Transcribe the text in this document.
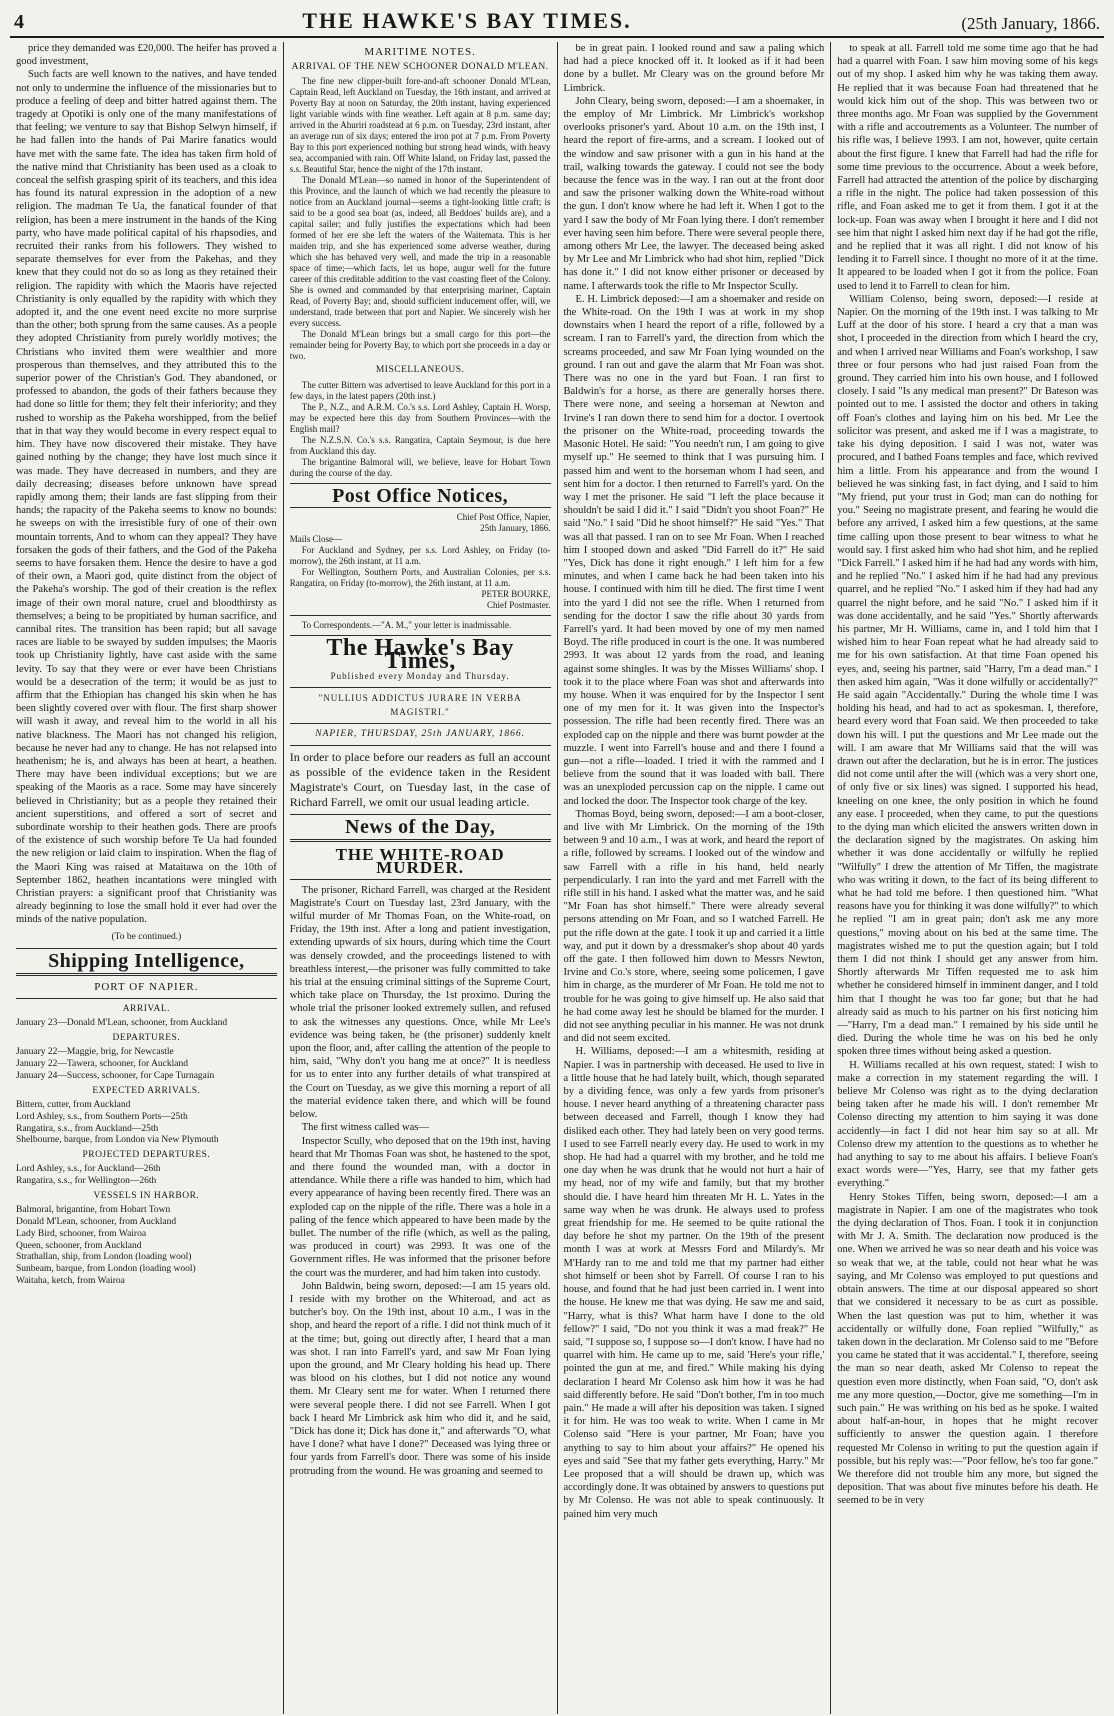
4	THE HAWKE'S BAY TIMES.	(25th January, 1866.

price they demanded was £20,000. The heifer has proved a good investment,

Such facts are well known to the natives, and have tended not only to undermine the influence of the missionaries but to produce a feeling of deep and bitter hatred against them. The tragedy at Opotiki is only one of the many manifestations of that feeling; we venture to say that Bishop Selwyn himself, if he had fallen into the hands of Pai Marire fanatics would have met with the same fate. The idea has taken firm hold of the native mind that Christianity has been used as a cloak to conceal the selfish grasping spirit of its teachers, and this idea has found its natural expression in the adoption of a new religion. The madman Te Ua, the fanatical founder of that religion, has been a mere instrument in the hands of the King party, who have made political capital of his rhapsodies, and recruited their ranks from his followers. They wished to separate themselves for ever from the Pakehas, and they knew that they could not do so as long as they retained their religion. The rapidity with which the Maoris have rejected Christianity is only equalled by the rapidity with which they adopted it, and the one event need excite no more surprise than the other; both sprung from the same causes. As a people they adopted Christianity from purely worldly motives; the Christians who invited them were wealthier and more prosperous than themselves, and they attributed this to the superior power of the Christian's God. They abandoned, or professed to abandon, the gods of their fathers because they had done so little for them; they felt their inferiority; and they rushed to worship as the Pakeha worshipped, from the belief that in that way they would become in every respect equal to him. They have now discovered their mistake. They have gained nothing by the change; they have lost much since it was made. They have decreased in numbers, and they are daily decreasing; diseases before unknown have spread rapidly among them; their lands are fast slipping from their hands; the rapacity of the Pakeha seems to know no bounds: he sweeps on with the irresistible fury of one of their own mountain torrents, And to whom can they appeal? They have forsaken the gods of their fathers, and the God of the Pakeha seems to have forsaken them. Hence the desire to have a god of their own, a Maori god, quite distinct from the object of the Pakeha's worship. The god of their creation is the reflex image of their own moral nature, cruel and bloodthirsty as themselves; a being to be propitiated by human sacrifice, and cannibal rites. The transition has been rapid; but all savage races are liable to be swayed by sudden impulses; the Maoris took up Christianity lightly, have cast aside with the same levity. To say that they were or ever have been Christians would be a desecration of the term; it would be as just to affirm that the Ethiopian has changed his skin when he has been slightly covered over with flour. The first sharp shower will wash it away, and reveal him to the world in all his native blackness. The Maori has not changed his religion, because he never had any to change. He has not relapsed into heathenism; he is, and always has been at heart, a heathen. There may have been individual exceptions; but we are speaking of the Maoris as a race. Some may have sincerely believed in Christianity; but as a people they retained their ancient superstitions, and offered a sort of secret and subordinate worship to their heathen gods. There are proofs of the existence of such worship before Te Ua had founded the new religion or laid claim to inspiration. When the flag of the Maori King was raised at Mataitawa on the 10th of September 1862, heathen incantations were mingled with Christian prayers: a significant proof that Christianity was already beginning to lose the small hold it ever had over the minds of the native population.

(To be continued.)
Shipping Intelligence,
PORT OF NAPIER.
ARRIVAL.
January 23—Donald M'Lean, schooner, from Auckland
DEPARTURES.
January 22—Maggie, brig, for Newcastle
January 22—Tawera, schooner, for Auckland
January 24—Success, schooner, for Cape Turnagain
EXPECTED ARRIVALS.
Bittern, cutter, from Auckland
Lord Ashley, s.s., from Southern Ports—25th
Rangatira, s.s., from Auckland—25th
Shelbourne, barque, from London via New Plymouth
PROJECTED DEPARTURES.
Lord Ashley, s.s., for Auckland—26th
Rangatira, s.s., for Wellington—26th
VESSELS IN HARBOR.
Balmoral, brigantine, from Hobart Town
Donald M'Lean, schooner, from Auckland
Lady Bird, schooner, from Wairoa
Queen, schooner, from Auckland
Strathallan, ship, from London (loading wool)
Sunbeam, barque, from London (loading wool)
Waitaha, ketch, from Wairoa
MARITIME NOTES.
ARRIVAL OF THE NEW SCHOONER DONALD M'LEAN.

The fine new clipper-built fore-and-aft schooner Donald M'Lean, Captain Read, left Auckland on Tuesday, the 16th instant, and arrived at Poverty Bay at noon on Saturday, the 20th instant, having experienced light variable winds with fine weather. Left again at 8 p.m. same day; arrived in the Ahuriri roadstead at 6 p.m. on Tuesday, 23rd instant, after an average run of six days; entered the iron pot at 7 p.m. From Poverty Bay to this port experienced nothing but strong head winds, with heavy sea, accompanied with rain. Off White Island, on Friday last, passed the s.s. Beautiful Star, hence the night of the 17th instant.

The Donald M'Lean—so named in honor of the Superintendent of this Province, and the launch of which we had recently the pleasure to notice from an Auckland journal—seems a tight-looking little craft; is said to be a good sea boat (as, indeed, all Beddoes' builds are), and a capital sailer; and fully justifies the expectations which had been formed of her ere she left the waters of the Waitemata. This is her maiden trip, and she has experienced some adverse weather, during which she has behaved very well, and made the trip in a reasonable space of time;—which facts, let us hope, augur well for the future career of this creditable addition to the vast coasting fleet of the Colony. She is owned and commanded by that enterprising mariner, Captain Read, of Poverty Bay; and, should sufficient inducement offer, will, we understand, trade between that port and Napier. We sincerely wish her every success.

The Donald M'Lean brings but a small cargo for this port—the remainder being for Poverty Bay, to which port she proceeds in a day or two.

MISCELLANEOUS.

The cutter Bittern was advertised to leave Auckland for this port in a few days, in the latest papers (20th inst.)

The P., N.Z., and A.R.M. Co.'s s.s. Lord Ashley, Captain H. Worsp, may be expected here this day from Southern Provinces—with the English mail?

The N.Z.S.N. Co.'s s.s. Rangatira, Captain Seymour, is due here from Auckland this day.

The brigantine Balmoral will, we believe, leave for Hobart Town during the course of the day.

Post Office Notices,

Chief Post Office, Napier,

25th January, 1866.

Mails Close—

For Auckland and Sydney, per s.s. Lord Ashley, on Friday (to-morrow), the 26th instant, at 11 a.m.

For Wellington, Southern Ports, and Australian Colonies, per s.s. Rangatira, on Friday (to-morrow), the 26th instant, at 11 a.m.

PETER BOURKE,

Chief Postmaster.

To Correspondents.—"A. M.," your letter is inadmissable.

The Hawke's Bay Times,
Published every Monday and Thursday.
"NULLIUS ADDICTUS JURARE IN VERBA MAGISTRI."
NAPIER, THURSDAY, 25th JANUARY, 1866.

In order to place before our readers as full an account as possible of the evidence taken in the Resident Magistrate's Court, on Tuesday last, in the case of Richard Farrell, we omit our usual leading article.

News of the Day,
THE WHITE-ROAD MURDER.

The prisoner, Richard Farrell, was charged at the Resident Magistrate's Court on Tuesday last, 23rd January, with the wilful murder of Mr Thomas Foan, on the White-road, on Friday, the 19th inst. After a long and patient investigation, extending upwards of six hours, during which time the Court was densely crowded, and the proceedings listened to with breathless interest,—the prisoner was fully committed to take his trial at the ensuing criminal sittings of the Supreme Court, which take place on Thursday, the 1st proximo. During the whole trial the prisoner looked extremely sullen, and refused to ask the witnesses any questions. Once, while Mr Lee's evidence was being taken, he (the prisoner) suddenly knelt upon the floor, and, after calling the attention of the people to him, said, "Why don't you hang me at once?" It is needless for us to enter into any further details of what transpired at the Court on Tuesday, as we give this morning a report of all the material evidence taken there, and which will be found below.

The first witness called was—

Inspector Scully, who deposed that on the 19th inst, having heard that Mr Thomas Foan was shot, he hastened to the spot, and there found the wounded man, with a doctor in attendance. While there a rifle was handed to him, which had every appearance of having been recently fired. There was an exploded cap on the nipple of the rifle. There was a hole in a paling of the fence which appeared to have been made by the bullet. The number of the rifle (which, as well as the paling, was produced in court) was 2993. It was one of the Government rifles. He was informed that the prisoner before the court was the murderer, and had him taken into custody.

John Baldwin, being sworn, deposed:—I am 15 years old. I reside with my brother on the Whiteroad, and act as butcher's boy. On the 19th inst, about 10 a.m., I was in the shop, and heard the report of a rifle. I did not think much of it at the time; but, going out directly after, I heard that a man was shot. I ran into Farrell's yard, and saw Mr Foan lying upon the ground, and Mr Cleary holding his head up. There was blood on his clothes, but I did not notice any wound them. Mr Cleary sent me for water. When I returned there were several people there. I did not see Farrell. When I got back I heard Mr Limbrick ask him who did it, and he said, "Dick has done it; Dick has done it," and afterwards "O, what have I done? what have I done?" Deceased was lying three or four yards from Farrell's door. There was some of his inside protruding from the wound. He was groaning and seemed to

be in great pain. I looked round and saw a paling which had had a piece knocked off it. It looked as if it had been done by a bullet. Mr Cleary was on the ground before Mr Limbrick.

John Cleary, being sworn, deposed:—I am a shoemaker, in the employ of Mr Limbrick. Mr Limbrick's workshop overlooks prisoner's yard. About 10 a.m. on the 19th inst, I heard the report of fire-arms, and a scream. I looked out of the window and saw prisoner with a gun in his hand at the trail, walking towards the gateway. I could not see the body because the fence was in the way. I ran out at the front door and saw the prisoner walking down the White-road without the gun. I don't know where he had left it. When I got to the yard I saw the body of Mr Foan lying there. I don't remember ever having seen him before. There were several people there, among others Mr Lee, the lawyer. The deceased being asked by Mr Lee and Mr Limbrick who had shot him, replied "Dick has done it." I did not know either prisoner or deceased by name. I afterwards took the rifle to Mr Inspector Scully.

E. H. Limbrick deposed:—I am a shoemaker and reside on the White-road. On the 19th I was at work in my shop downstairs when I heard the report of a rifle, followed by a scream. I ran to Farrell's yard, the direction from which the screams proceeded, and saw Mr Foan lying wounded on the ground. I ran out and gave the alarm that Mr Foan was shot. There was no one in the yard but Foan. I ran first to Baldwin's for a horse, as there are generally horses there. There were none, and seeing a horseman at Newton and Irvine's I ran down there to send him for a doctor. I overtook the prisoner on the White-road, proceeding towards the Masonic Hotel. He said: "You needn't run, I am going to give myself up." He seemed to think that I was pursuing him. I passed him and went to the horseman whom I had seen, and sent him for a doctor. I then returned to Farrell's yard. On the way I met the prisoner. He said "I left the place because it shouldn't be said I did it." I said "Didn't you shoot Foan?" He said "No." I said "Did he shoot himself?" He said "Yes." That was all that passed. I ran on to see Mr Foan. When I reached him I stooped down and asked "Did Farrell do it?" He said "Yes, Dick has done it right enough." I left him for a few minutes, and when I came back he had been taken into his house. I continued with him till he died. The first time I went into the yard I did not see the rifle. When I returned from sending for the doctor I saw the rifle about 30 yards from Farrell's yard. It had been moved by one of my men named Boyd. The rifle produced in court is the one. It was numbered 2993. It was about 12 yards from the road, and leaning against some shingles. It was by the Misses Williams' shop. I took it to the place where Foan was shot and afterwards into my house. When it was enquired for by the Inspector I sent one of my men for it. It was given into the Inspector's possession. The rifle had been recently fired. There was an exploded cap on the nipple and there was burnt powder at the muzzle. I went into Farrell's house and and there I found a gun—not a rifle—loaded. I tried it with the rammed and I believe from the sound that it was loaded with ball. There was an unexploded percussion cap on the nipple. I came out and locked the door. The Inspector took charge of the key.

Thomas Boyd, being sworn, deposed:—I am a boot-closer, and live with Mr Limbrick. On the morning of the 19th between 9 and 10 a.m., I was at work, and heard the report of a rifle, followed by screams. I looked out of the window and saw Farrell with a rifle in his hand, held nearly perpendicularly. I ran into the yard and met Farrell with the rifle still in his hand. I asked what the matter was, and he said "Mr Foan has shot himself." There were already several persons attending on Mr Foan, and so I watched Farrell. He put the rifle down at the gate. I took it up and carried it a little way, and put it down by a dressmaker's shop about 40 yards off the gate. I then followed him down to Messrs Newton, Irvine and Co.'s store, where, seeing some policemen, I gave him in charge, as the murderer of Mr Foan. He told me not to trouble for he was going to give himself up. He also said that he had come away lest he should be blamed for the murder. I did not see anything peculiar in his manner. He was not drunk and did not seem excited.

H. Williams, deposed:—I am a whitesmith, residing at Napier. I was in partnership with deceased. He used to live in a little house that he had lately built, which, though separated by a dividing fence, was only a few yards from prisoner's house. I never heard anything of a threatening character pass between deceased and Farrell, though I know they had disliked each other. They had lately been on very good terms. I used to see Farrell nearly every day. He used to work in my shop. He had had a quarrel with my brother, and he told me one day when he was drunk that he would not hurt a hair of my head, nor of my wife and family, but that my brother should die. I have heard him threaten Mr H. L. Yates in the same way when he was drunk. He always used to profess great friendship for me. He seemed to be quite rational the day before he shot my partner. On the 19th of the present month I was at work at Messrs Ford and Milardy's. Mr M'Hardy ran to me and told me that my partner had either shot himself or been shot by Farrell. Of course I ran to his house, and found that he had just been carried in. I went into the house. He knew me that was dying. He saw me and said, "Harry, what is this? What harm have I done to the old fellow?" I said, "Do not you think it was a mad freak?" He said, "I suppose so, I suppose so—I don't know. I have had no quarrel with him. He came up to me, said 'Here's your rifle,' pointed the gun at me, and fired." While making his dying declaration I heard Mr Colenso ask him how it was he had said differently before. He said "Don't bother, I'm in too much pain." He made a will after his deposition was taken. I signed it for him. He was too weak to write. When I came in Mr Colenso said "Here is your partner, Mr Foan; have you anything to say to him about your affairs?" He opened his eyes and said "See that my father gets everything, Harry." Mr Lee proposed that a will should be drawn up, which was accordingly done. It was obtained by answers to questions put by Mr Colenso. He was not able to speak continuously. It pained him very much

to speak at all. Farrell told me some time ago that he had had a quarrel with Foan. I saw him moving some of his kegs out of my shop. I asked him why he was taking them away. He replied that it was because Foan had threatened that he would kick him out of the shop. This was between two or three months ago. Mr Foan was supplied by the Government with a rifle and accoutrements as a Volunteer. The number of his rifle was, I believe 1993. I am not, however, quite certain about the first figure. I knew that Farrell had had the rifle for some time previous to the occurrence. About a week before, Farrell had attracted the attention of the police by discharging a rifle in the night. The police had taken possession of this rifle, and Foan asked me to get it from them. I got it at the lock-up. Foan was away when I brought it here and I did not see him that night I asked him next day if he had got the rifle, and he replied that it was all right. I did not know of his lending it to Farrell since. I thought no more of it at the time. It appeared to be loaded when I got it from the police. Foan used to lend it to Farrell to clean for him.

William Colenso, being sworn, deposed:—I reside at Napier. On the morning of the 19th inst. I was talking to Mr Luff at the door of his store. I heard a cry that a man was shot, I proceeded in the direction from which I heard the cry, and when I arrived near Williams and Foan's workshop, I saw three or four persons who had just raised Foan from the ground. They carried him into his own house, and I followed closely. I said "Is any medical man present?" Dr Bateson was pointed out to me. I assisted the doctor and others in taking off Foan's clothes and laying him on his bed. Mr Lee the solicitor was present, and asked me if I was a magistrate, to take his dying deposition. I said I was not, water was procured, and I bathed Foans temples and face, which revived him a little. From his appearance and from the wound I believed he was sinking fast, in fact dying, and I said to him "My friend, put your trust in God; man can do nothing for you." Seeing no magistrate present, and fearing he would die before any arrived, I asked him a few questions, at the same time calling upon those present to bear witness to what he would say. I first asked him who had shot him, and he replied "Dick Farrell." I asked him if he had had any words with him, and he replied "No." I asked him if he had had any previous quarrel, and he replied "No." I asked him if they had had any quarrel the night before, and he said "No." I asked him if it was done accidentally, and he said "Yes." Shortly afterwards his partner, Mr H. Williams, came in, and I told him that I wished him to hear Foan repeat what he had already said to me for his own satisfaction. At that time Foan opened his eyes, and, seeing his partner, said "Harry, I'm a dead man." I then asked him again, "Was it done wilfully or accidentally?" He said again "Accidentally." During the whole time I was holding his head, and had to act as spokesman. I, therefore, heard every word that Foan said. We then proceeded to take down his will. I put the questions and Mr Lee made out the will. I am aware that Mr Williams said that the will was drawn out after the declaration, but he is in error. The justices did not come until after the will (which was a very short one, of only five or six lines) was signed. I supported his head, kneeling on one knee, the only position in which he found any ease. I proceeded, when they came, to put the questions to the dying man which elicited the answers written down in the declaration signed by the magistrates. On asking him whether it was done accidentally or wilfully he replied "Wilfully" I drew the attention of Mr Tiffen, the magistrate who was writing it down, to the fact of its being different to what he had told me before. I then questioned him. "What reasons have you for thinking it was done wilfully?" to which he replied "I am in great pain; don't ask me any more questions," moving about on his bed at the same time. The magistrates wished me to put the question again; but I told them I did not think I should get any answer from him. Shortly afterwards Mr Tiffen requested me to ask him whether he considered himself in imminent danger, and I told him that I thought he was too far gone; but that he had already said as much to his partner on his first noticing him—"Harry, I'm a dead man." I remained by his side until he died. During the whole time he was on his bed he only spoken three times without being asked a question.

H. Williams recalled at his own request, stated: I wish to make a correction in my statement regarding the will. I believe Mr Colenso was right as to the dying declaration being taken after he made his will. I don't remember Mr Colenso directing my attention to him saying it was done accidently—in fact I did not hear him say so at all. Mr Colenso drew my attention to the questions as to whether he had anything to say to me about his affairs. I believe Foan's exact words were—"Yes, Harry, see that my father gets everything."

Henry Stokes Tiffen, being sworn, deposed:—I am a magistrate in Napier. I am one of the magistrates who took the dying declaration of Thos. Foan. I took it in conjunction with Mr J. A. Smith. The declaration now produced is the one. When we arrived he was so near death and his voice was so weak that we, at the table, could not hear what he was saying, and Mr Colenso was employed to put questions and obtain answers. The time at our disposal appeared so short that we considered it necessary to be as curt as possible. When the last question was put to him, whether it was accidentally or wilfully done, Foan replied "Wilfully," as taken down in the declaration. Mr Colenso said to me "Before you came he stated that it was accidental." I, therefore, seeing the man so near death, asked Mr Colenso to repeat the question even more distinctly, when Foan said, "O, don't ask me any more question,—Doctor, give me something—I'm in such pain." He was writhing on his bed as he spoke. I waited about half-an-hour, in hopes that he might recover sufficiently to answer the question again. I therefore requested Mr Colenso in writing to put the question again if possible, but his reply was:—"Poor fellow, he's too far gone." We therefore did not trouble him any more, but signed the deposition. That was about five minutes before his death. He seemed to be in very
